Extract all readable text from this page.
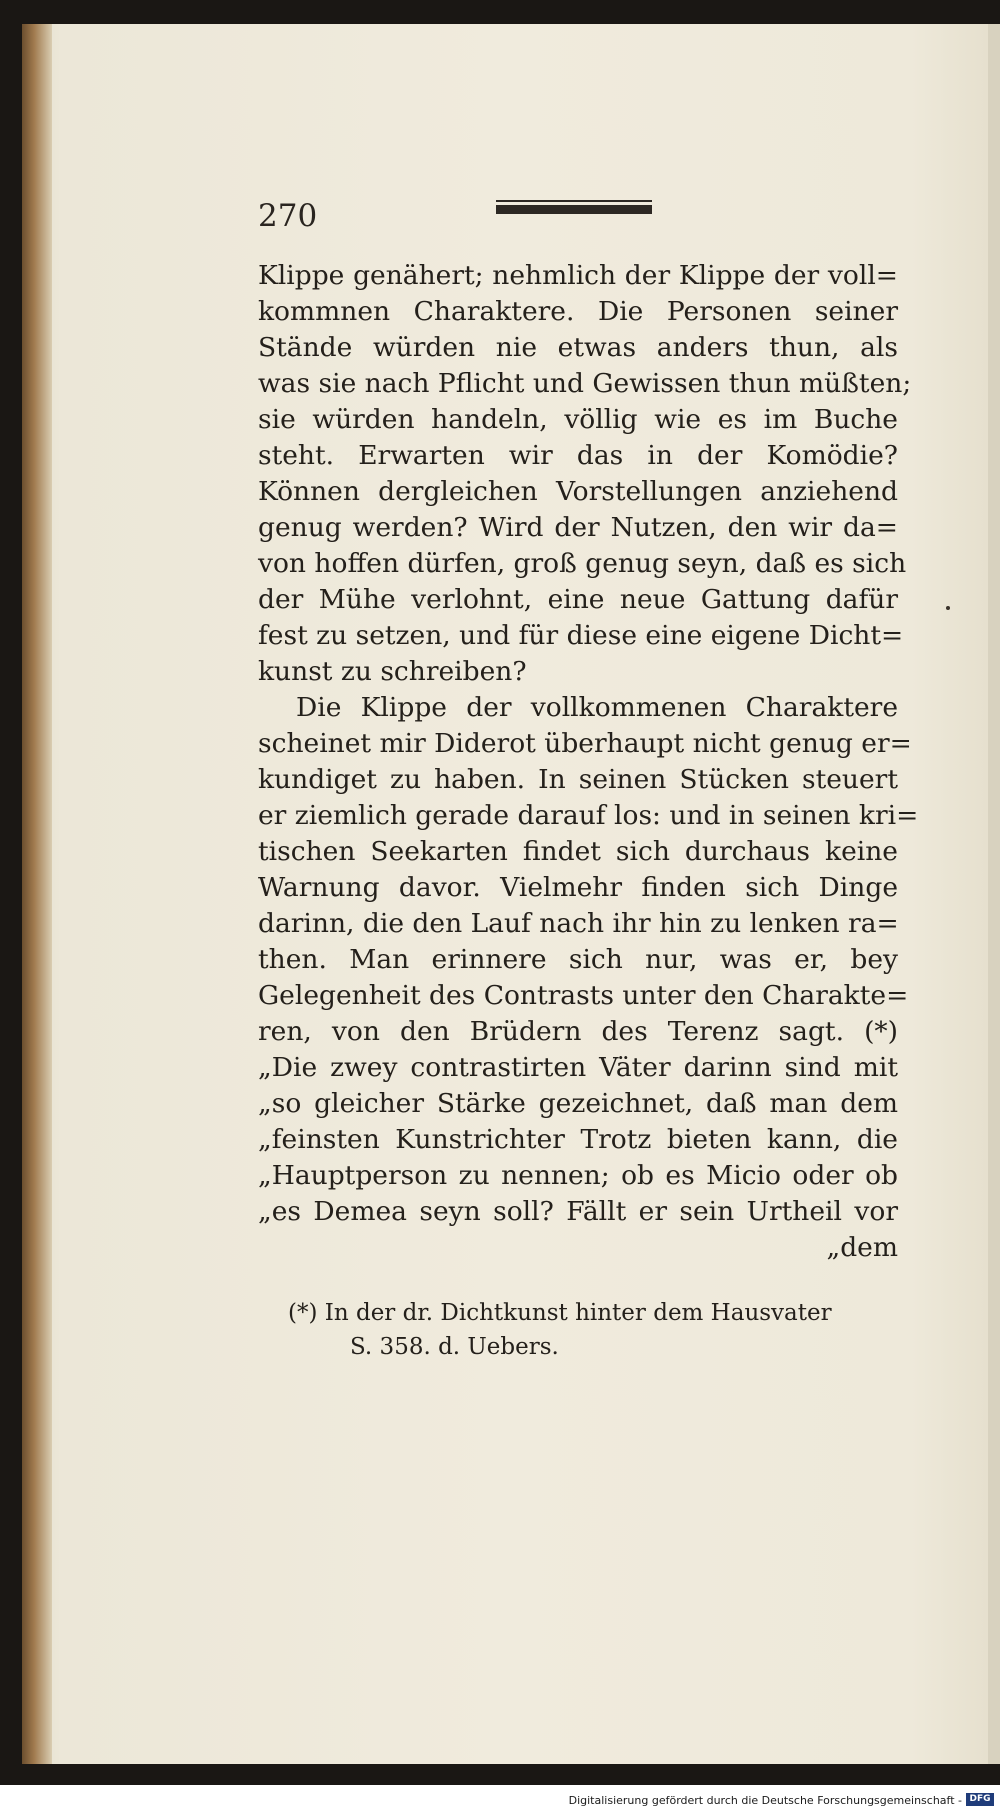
270
Klippe genähert; nehmlich der Klippe der voll=
kommnen Charaktere. Die Personen seiner
Stände würden nie etwas anders thun, als
was sie nach Pflicht und Gewissen thun müßten;
sie würden handeln, völlig wie es im Buche
steht. Erwarten wir das in der Komödie?
Können dergleichen Vorstellungen anziehend
genug werden? Wird der Nutzen, den wir da=
von hoffen dürfen, groß genug seyn, daß es sich
der Mühe verlohnt, eine neue Gattung dafür
fest zu setzen, und für diese eine eigene Dicht=
kunst zu schreiben?
Die Klippe der vollkommenen Charaktere
scheinet mir Diderot überhaupt nicht genug er=
kundiget zu haben. In seinen Stücken steuert
er ziemlich gerade darauf los: und in seinen kri=
tischen Seekarten findet sich durchaus keine
Warnung davor. Vielmehr finden sich Dinge
darinn, die den Lauf nach ihr hin zu lenken ra=
then. Man erinnere sich nur, was er, bey
Gelegenheit des Contrasts unter den Charakte=
ren, von den Brüdern des Terenz sagt. (*)
„Die zwey contrastirten Väter darinn sind mit
„so gleicher Stärke gezeichnet, daß man dem
„feinsten Kunstrichter Trotz bieten kann, die
„Hauptperson zu nennen; ob es Micio oder ob
„es Demea seyn soll? Fällt er sein Urtheil vor
„dem
(*) In der dr. Dichtkunst hinter dem Hausvater
S. 358. d. Uebers.
Digitalisierung gefördert durch die Deutsche Forschungsgemeinschaft - DFG
